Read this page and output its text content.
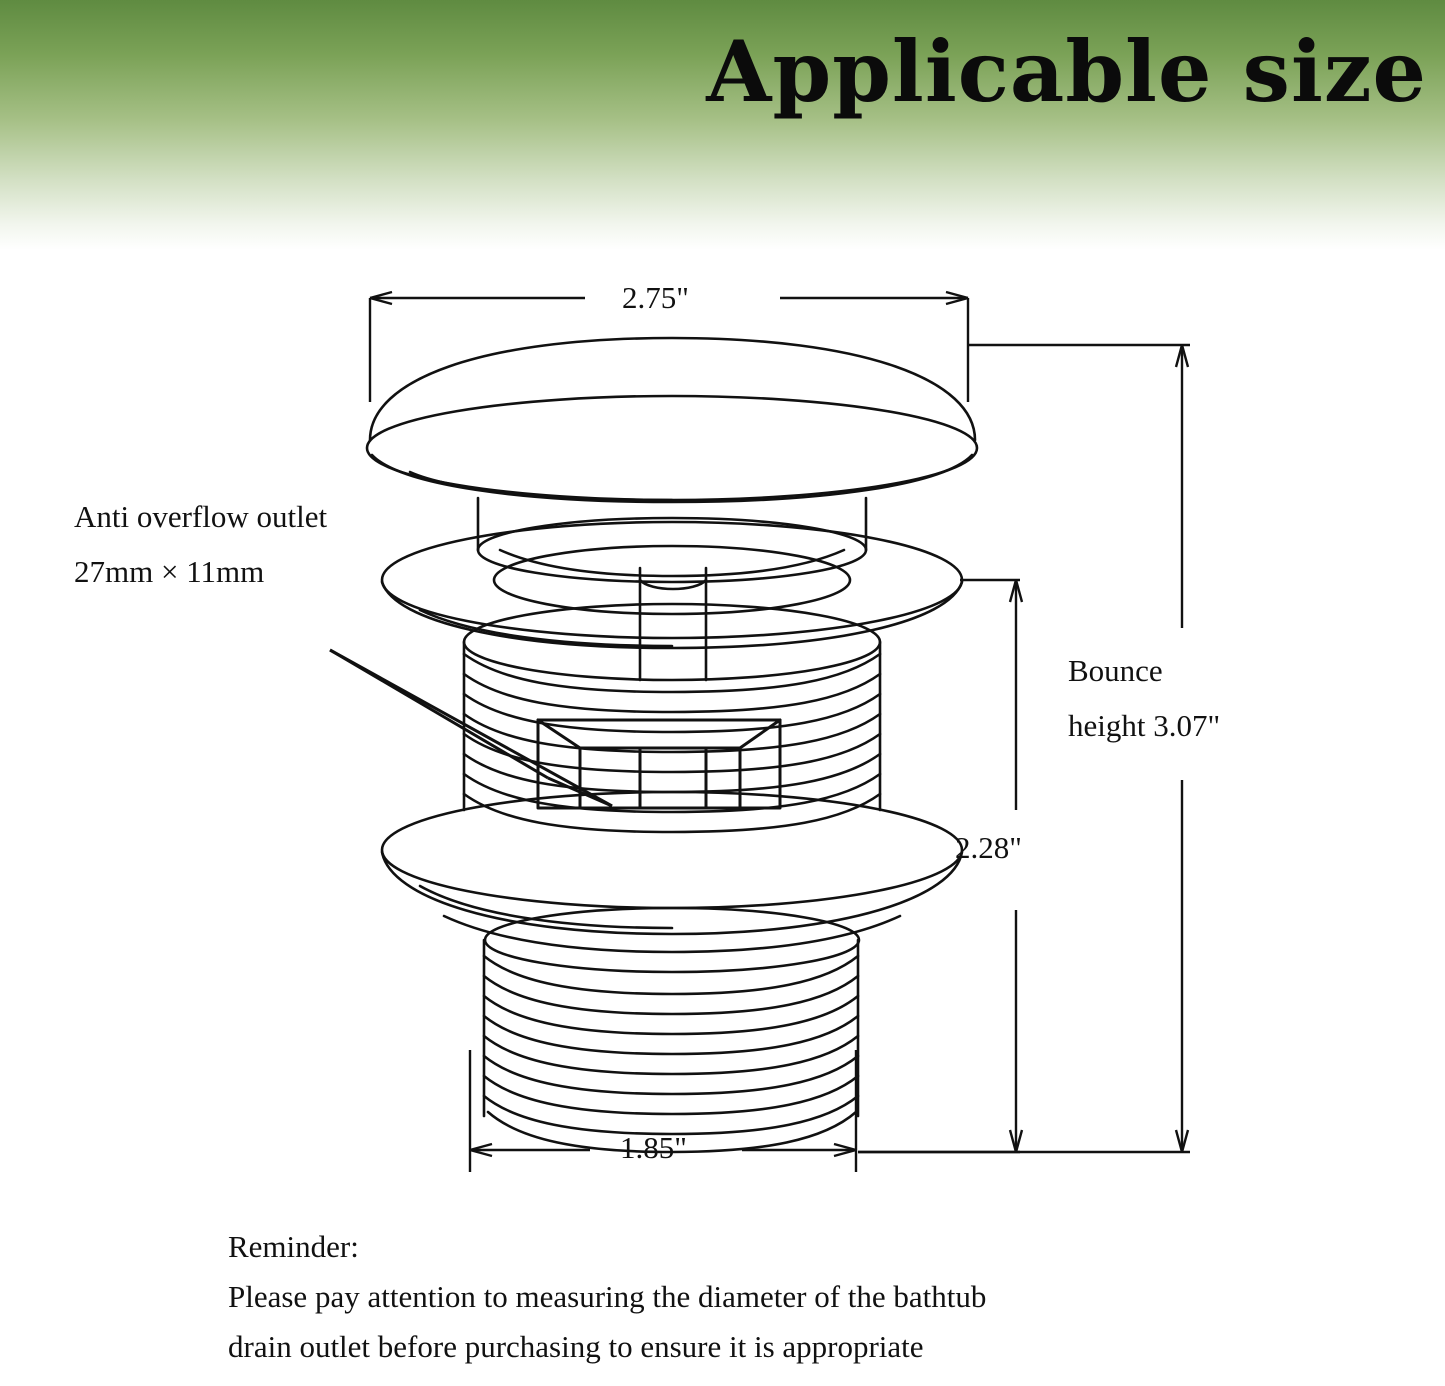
Applicable size
2.75"
2.28"
1.85"
Bounce
height 3.07"
Anti overflow outlet
27mm × 11mm
Reminder:
Please pay attention to measuring the diameter of the bathtub
drain outlet before purchasing to ensure it is appropriate
